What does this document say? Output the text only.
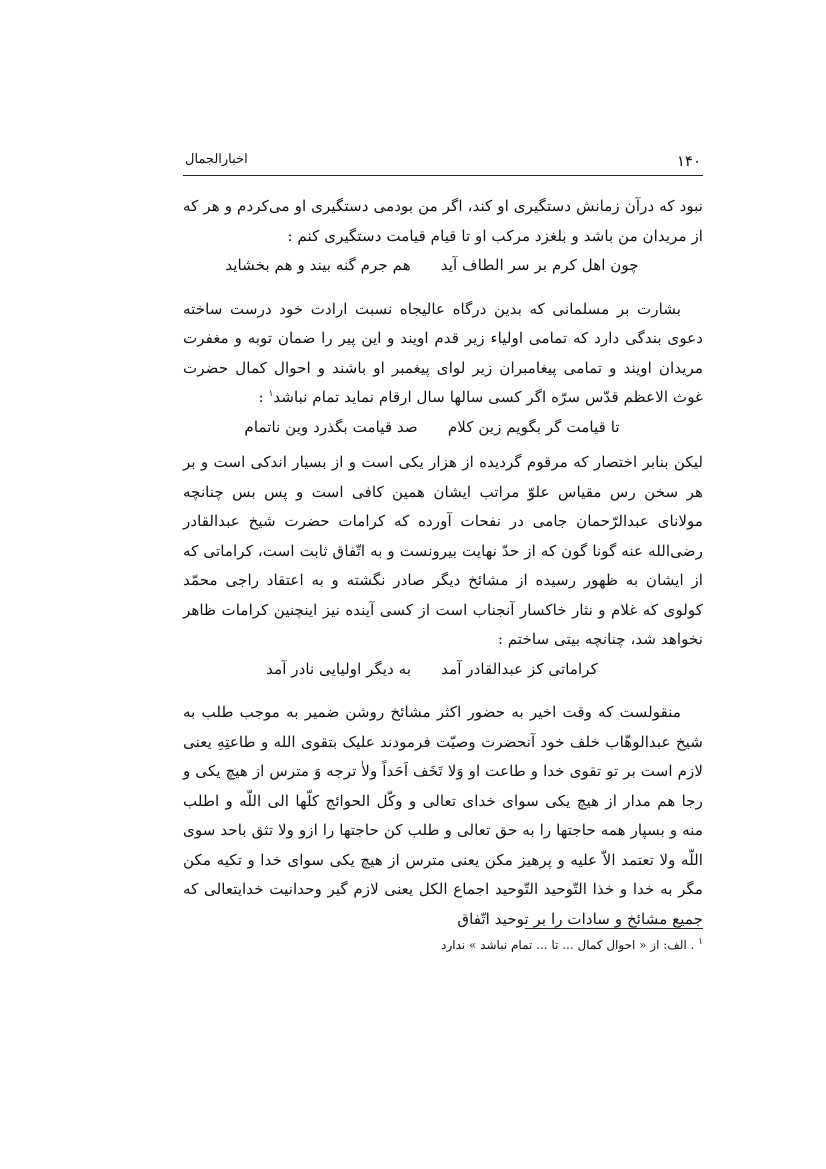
۱۴۰
اخبارالجمال

نبود که درآن زمانش دستگیری او کند، اگر من بودمی دستگیری او می‌کردم و هر که از مریدان من باشد و بلغزد مرکب او تا قیام قیامت دستگیری کنم :

چون اهل کرم بر سر الطاف آید
هم جرم گنه بیند و هم بخشاید

بشارت بر مسلمانی که بدین درگاه عالیجاه نسبت ارادت خود درست ساخته دعوی بندگی دارد که تمامی اولیاء زیر قدم اویند و این پیر را ضمان توبه و مغفرت مریدان اویند و تمامی پیغامبران زیر لوای پیغمبر او باشند و احوال کمال حضرت غوث الاعظم قدّس سرّه اگر کسی سالها سال ارقام نماید تمام نباشد$^۱$ :

تا قیامت گر بگویم زین کلام
صد قیامت بگذرد وین ناتمام

لیکن بنابر اختصار که مرقوم گردیده از هزار یکی است و از بسیار اندکی است و بر هر سخن رس مقیاس علوّ مراتب ایشان همین کافی است و پس بس چنانچه مولانای عبدالرّحمان جامی در نفحات آورده که کرامات حضرت شیخ عبدالقادر رضی‌الله عنه گونا گون که از حدّ نهایت بیرونست و به اتّفاق ثابت است، کراماتی که از ایشان به ظهور رسیده از مشائخ دیگر صادر نگشته و به اعتقاد راجی محمّد کولوی که غلام و نثار خاکسار آنجناب است از کسی آینده نیز اینچنین کرامات ظاهر نخواهد شد، چنانچه بیتی ساختم :

کراماتی کز عبدالقادر آمد
به دیگر اولیایی نادر آمد

منقولست که وقت اخیر به حضور اکثر مشائخ روشن ضمیر به موجب طلب به شیخ عبدالوهّاب خلف خود آنحضرت وصیّت فرمودند علیک بتقوی الله و طاعتِهِ یعنی لازم است بر تو تقوی خدا و طاعت او وَلا تَخَف اَحَداً ولاٰ ترجه وَ مترس از هیچ یکی و رجا هم مدار از هیچ یکی سوای خدای تعالی و وکّل الحوائج کلّها الی اللّه و اطلب منه و بسپار همه حاجتها را به حق تعالی و طلب کن حاجتها را ازو ولا تثق باحد سوی اللّه ولا تعتمد الاّ علیه و پرهیز مکن یعنی مترس از هیچ یکی سوای خدا و تکیه مکن مگر به خدا و خذا التّوحید التّوحید اجماع الکل یعنی لازم گیر وحدانیت خدایتعالی که جمیع مشائخ و سادات را بر توحید اتّفاق

$^۱$ . الف: از « احوال کمال ... تا ... تمام نباشد » ندارد
